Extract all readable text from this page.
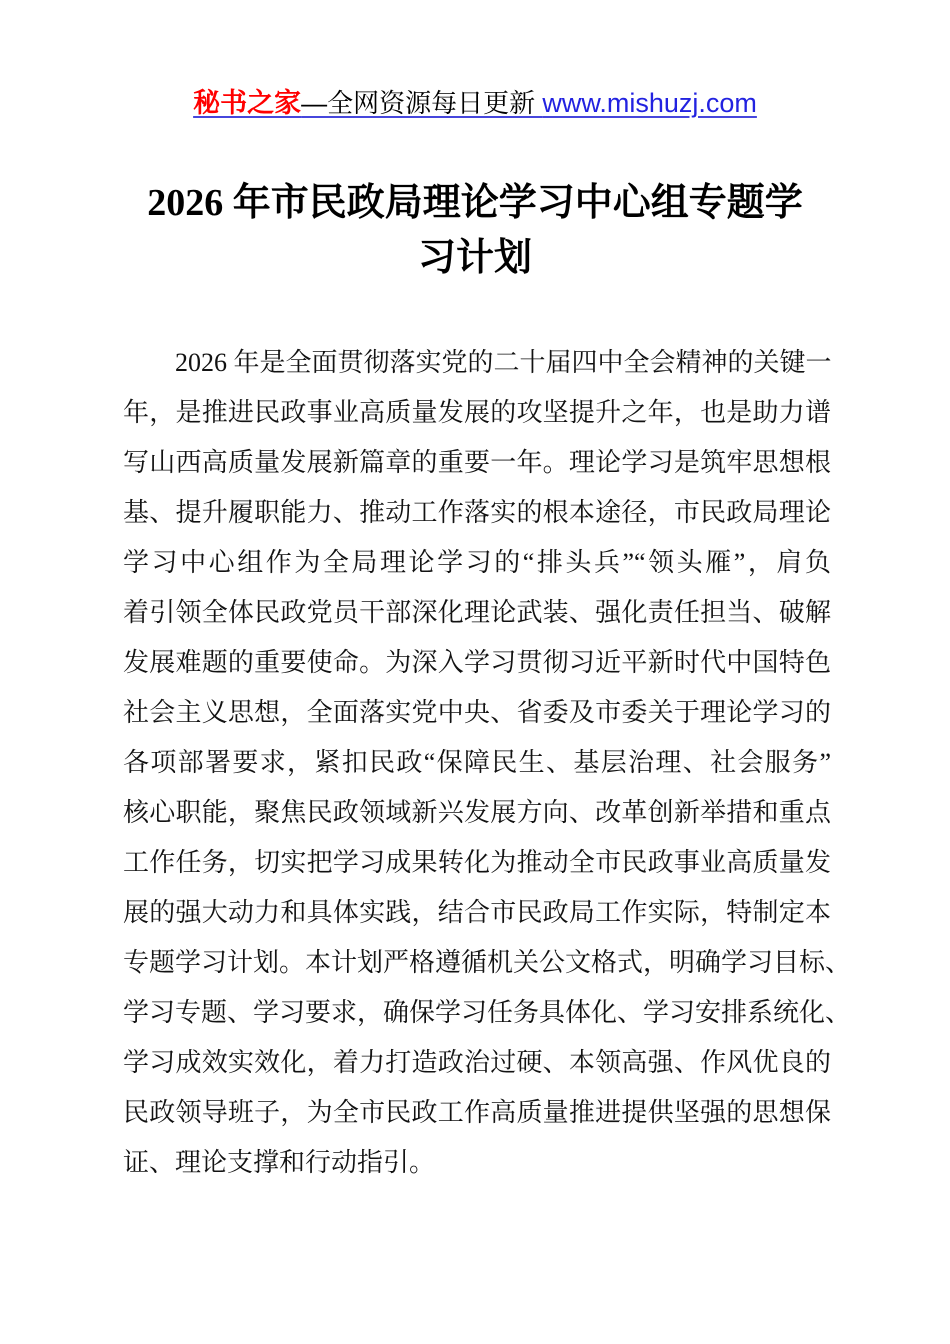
秘书之家—全网资源每日更新 www.mishuzj.com
2026 年市民政局理论学习中心组专题学习计划
2026 年是全面贯彻落实党的二十届四中全会精神的关键一
年，是推进民政事业高质量发展的攻坚提升之年，也是助力谱
写山西高质量发展新篇章的重要一年。理论学习是筑牢思想根
基、提升履职能力、推动工作落实的根本途径，市民政局理论
学习中心组作为全局理论学习的“排头兵”“领头雁”，肩负
着引领全体民政党员干部深化理论武装、强化责任担当、破解
发展难题的重要使命。为深入学习贯彻习近平新时代中国特色
社会主义思想，全面落实党中央、省委及市委关于理论学习的
各项部署要求，紧扣民政“保障民生、基层治理、社会服务”
核心职能，聚焦民政领域新兴发展方向、改革创新举措和重点
工作任务，切实把学习成果转化为推动全市民政事业高质量发
展的强大动力和具体实践，结合市民政局工作实际，特制定本
专题学习计划。本计划严格遵循机关公文格式，明确学习目标、
学习专题、学习要求，确保学习任务具体化、学习安排系统化、
学习成效实效化，着力打造政治过硬、本领高强、作风优良的
民政领导班子，为全市民政工作高质量推进提供坚强的思想保
证、理论支撑和行动指引。
